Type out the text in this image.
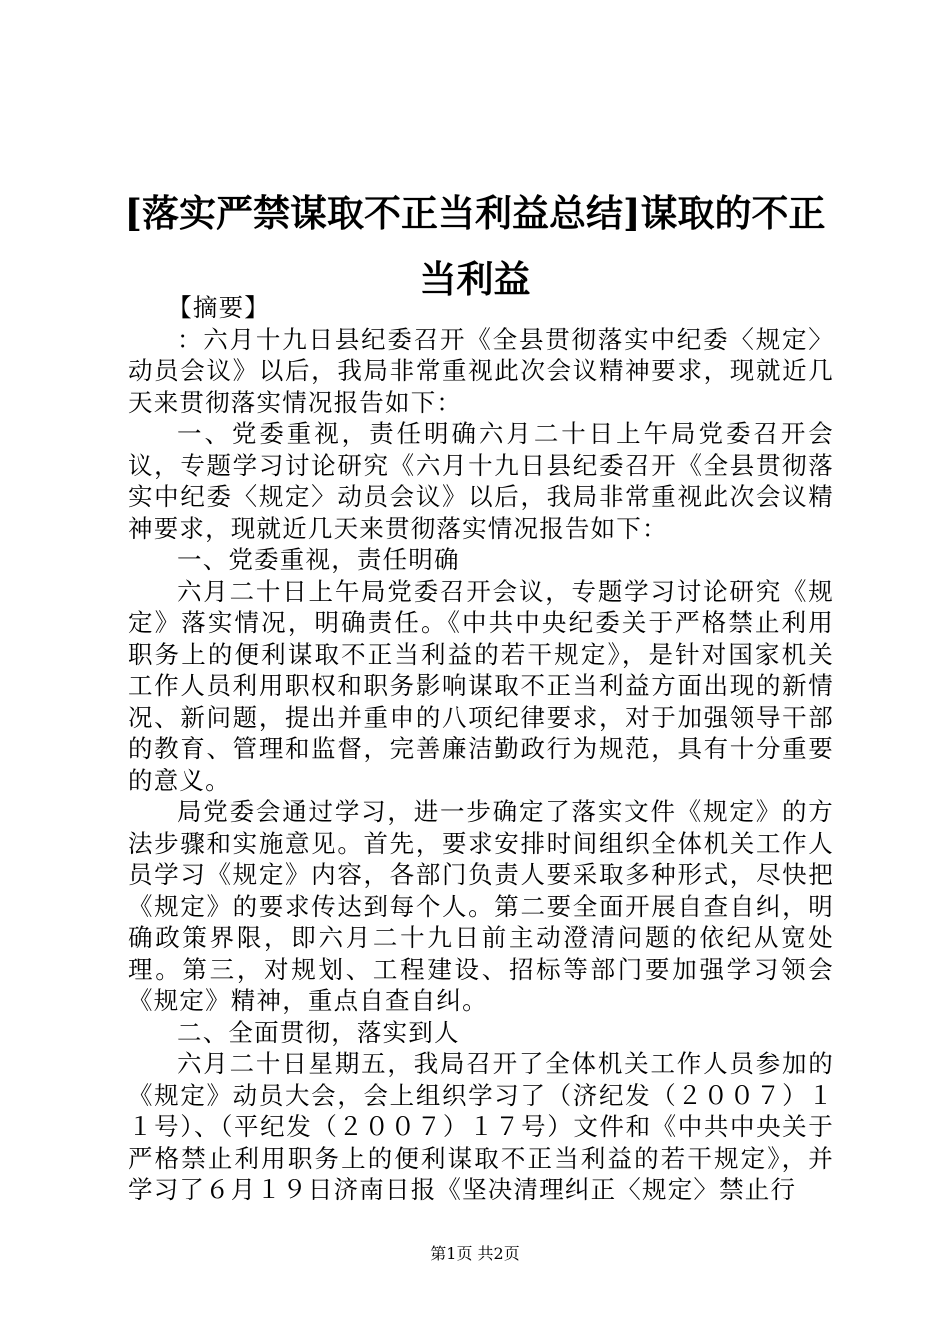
[落实严禁谋取不正当利益总结]谋取的不正当利益

【摘要】

：六月十九日县纪委召开《全县贯彻落实中纪委〈规定〉动员会议》以后，我局非常重视此次会议精神要求，现就近几天来贯彻落实情况报告如下：

一、党委重视，责任明确六月二十日上午局党委召开会议，专题学习讨论研究《六月十九日县纪委召开《全县贯彻落实中纪委〈规定〉动员会议》以后，我局非常重视此次会议精神要求，现就近几天来贯彻落实情况报告如下：

一、党委重视，责任明确

六月二十日上午局党委召开会议，专题学习讨论研究《规定》落实情况，明确责任。《中共中央纪委关于严格禁止利用职务上的便利谋取不正当利益的若干规定》，是针对国家机关工作人员利用职权和职务影响谋取不正当利益方面出现的新情况、新问题，提出并重申的八项纪律要求，对于加强领导干部的教育、管理和监督，完善廉洁勤政行为规范，具有十分重要的意义。

局党委会通过学习，进一步确定了落实文件《规定》的方法步骤和实施意见。首先，要求安排时间组织全体机关工作人员学习《规定》内容，各部门负责人要采取多种形式，尽快把《规定》的要求传达到每个人。第二要全面开展自查自纠，明确政策界限，即六月二十九日前主动澄清问题的依纪从宽处理。第三，对规划、工程建设、招标等部门要加强学习领会《规定》精神，重点自查自纠。

二、全面贯彻，落实到人

六月二十日星期五，我局召开了全体机关工作人员参加的《规定》动员大会，会上组织学习了（济纪发（２００７）１１号）、（平纪发（２００７）１７号）文件和《中共中央关于严格禁止利用职务上的便利谋取不正当利益的若干规定》，并学习了６月１９日济南日报《坚决清理纠正〈规定〉禁止行

第1页 共2页
